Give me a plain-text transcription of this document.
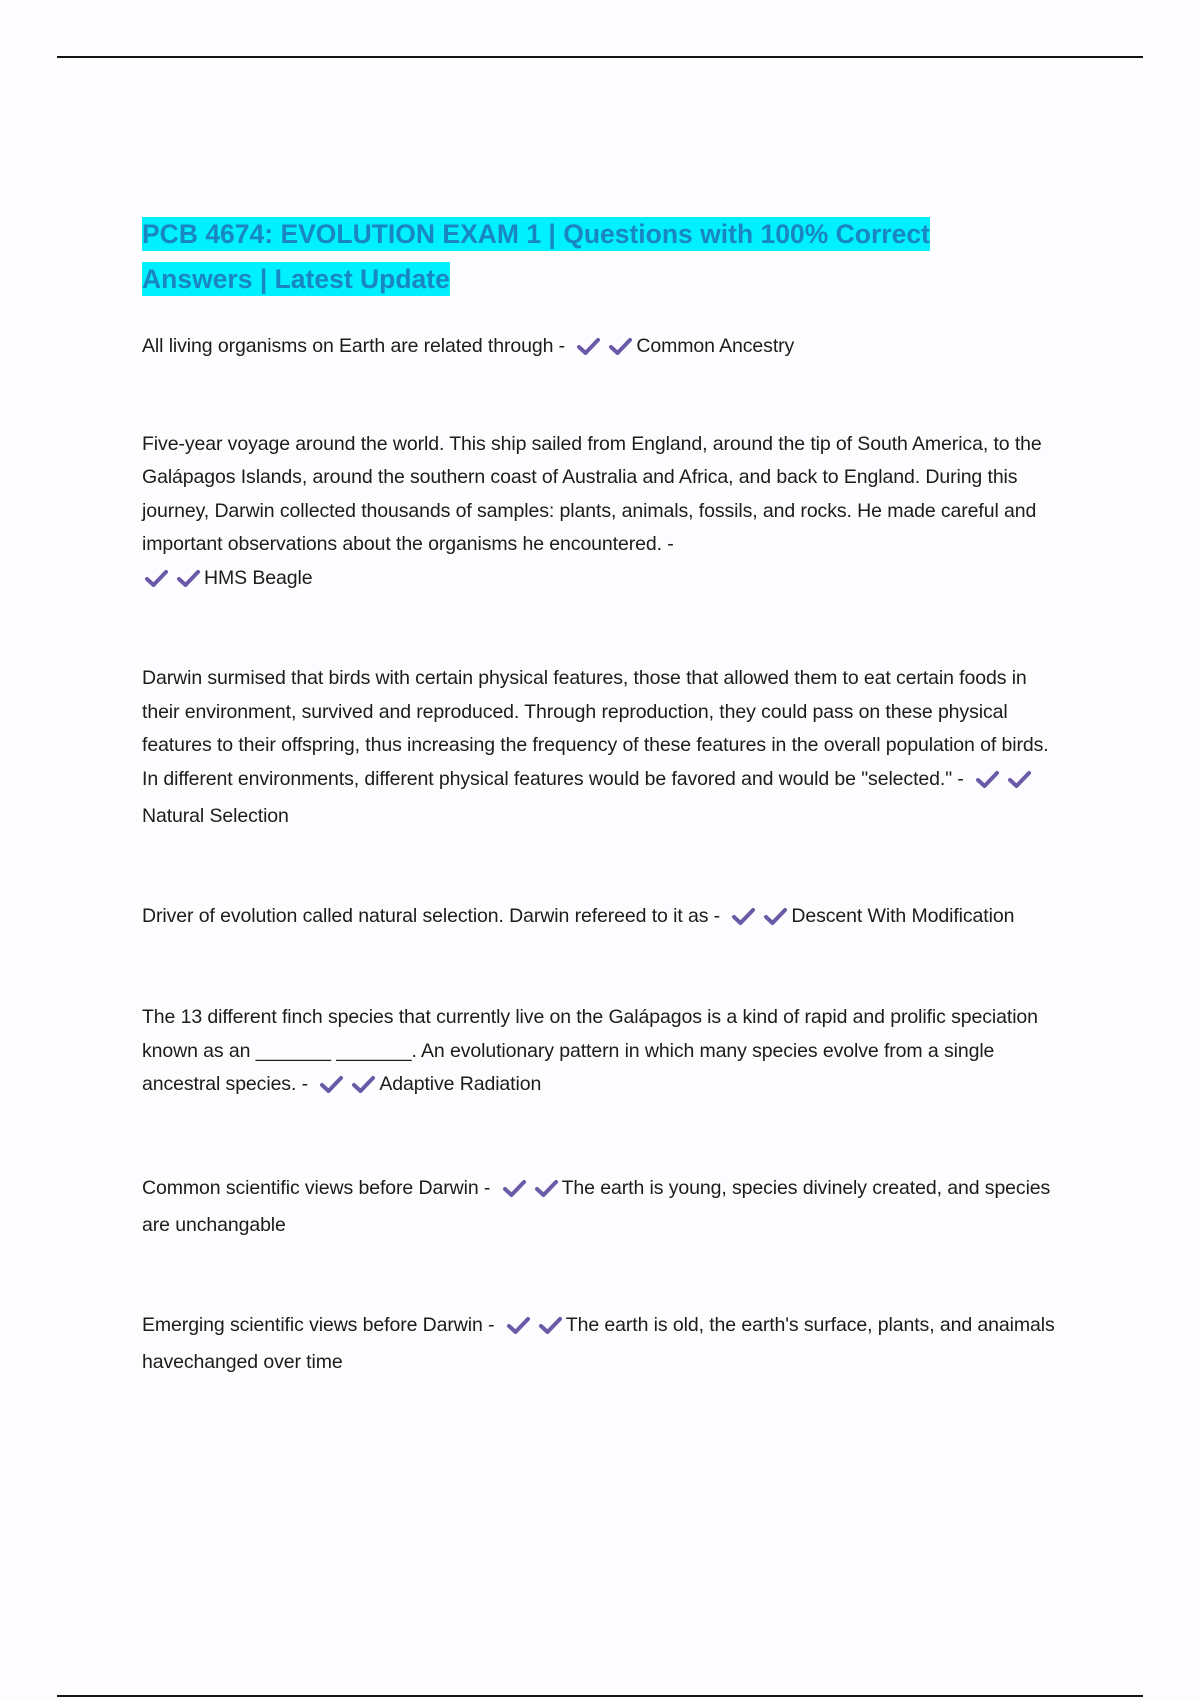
PCB 4674: EVOLUTION EXAM 1 | Questions with 100% Correct
Answers | Latest Update
All living organisms on Earth are related through -	Common Ancestry
Five-year voyage around the world. This ship sailed from England, around the tip of South America, to the Galápagos Islands, around the southern coast of Australia and Africa, and back to England. During this journey, Darwin collected thousands of samples: plants, animals, fossils, and rocks. He made careful and important observations about the organisms he encountered. -
HMS Beagle
Darwin surmised that birds with certain physical features, those that allowed them to eat certain foods in their environment, survived and reproduced. Through reproduction, they could pass on these physical features to their offspring, thus increasing the frequency of these features in the overall population of birds. In different environments, different physical features would be favored and would be "selected." - Natural Selection
Driver of evolution called natural selection. Darwin refereed to it as -	Descent With Modification
The 13 different finch species that currently live on the Galápagos is a kind of rapid and prolific speciation known as an _______ _______. An evolutionary pattern in which many species evolve from a single ancestral species. -	Adaptive Radiation
Common scientific views before Darwin -	The earth is young, species divinely created, and species are unchangable
Emerging scientific views before Darwin -	The earth is old, the earth's surface, plants, and anaimals havechanged over time
